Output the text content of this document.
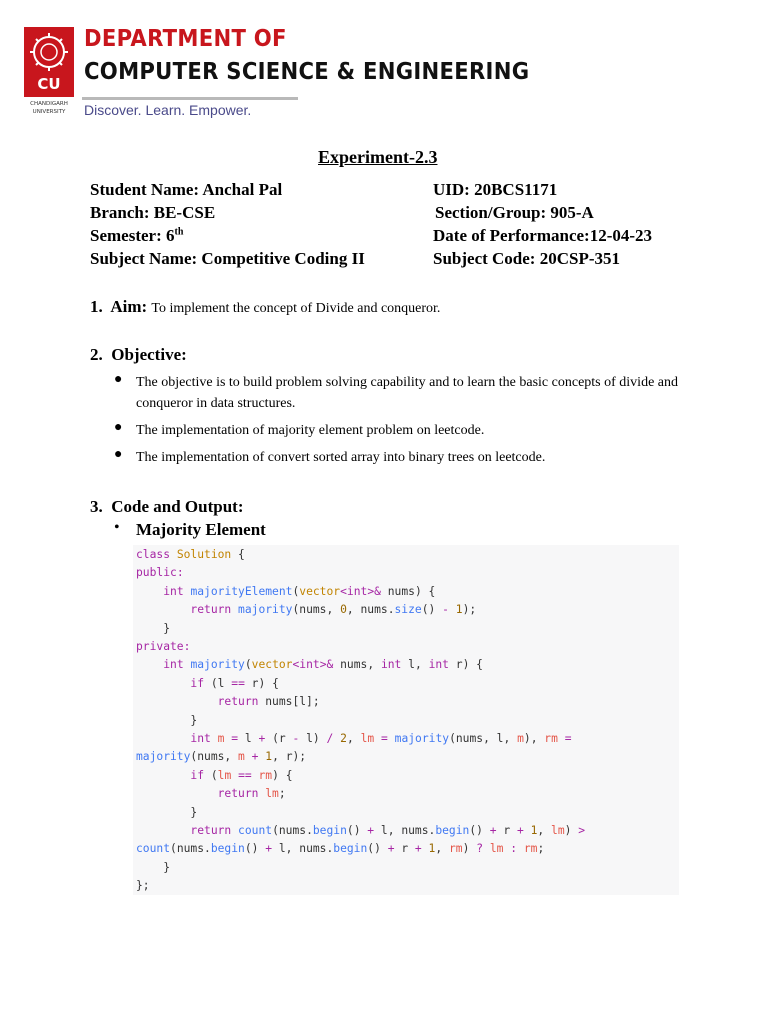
CU
CHANDIGARH
UNIVERSITY
DEPARTMENT OF
COMPUTER SCIENCE & ENGINEERING
Discover. Learn. Empower.
Experiment-2.3
Student Name: Anchal Pal	UID: 20BCS1171
Branch: BE-CSE	Section/Group: 905-A
Semester: 6th	Date of Performance:12-04-23
Subject Name: Competitive Coding II	Subject Code: 20CSP-351
1. Aim: To implement the concept of Divide and conqueror.
2. Objective:
● The objective is to build problem solving capability and to learn the basic concepts of divide and conqueror in data structures.
● The implementation of majority element problem on leetcode.
● The implementation of convert sorted array into binary trees on leetcode.
3. Code and Output:
• Majority Element
class Solution {
public:
int majorityElement(vector<int>& nums) {
return majority(nums, 0, nums.size() - 1);
}
private:
int majority(vector<int>& nums, int l, int r) {
if (l == r) {
return nums[l];
}
int m = l + (r - l) / 2, lm = majority(nums, l, m), rm =
majority(nums, m + 1, r);
if (lm == rm) {
return lm;
}
return count(nums.begin() + l, nums.begin() + r + 1, lm) >
count(nums.begin() + l, nums.begin() + r + 1, rm) ? lm : rm;
}
};
